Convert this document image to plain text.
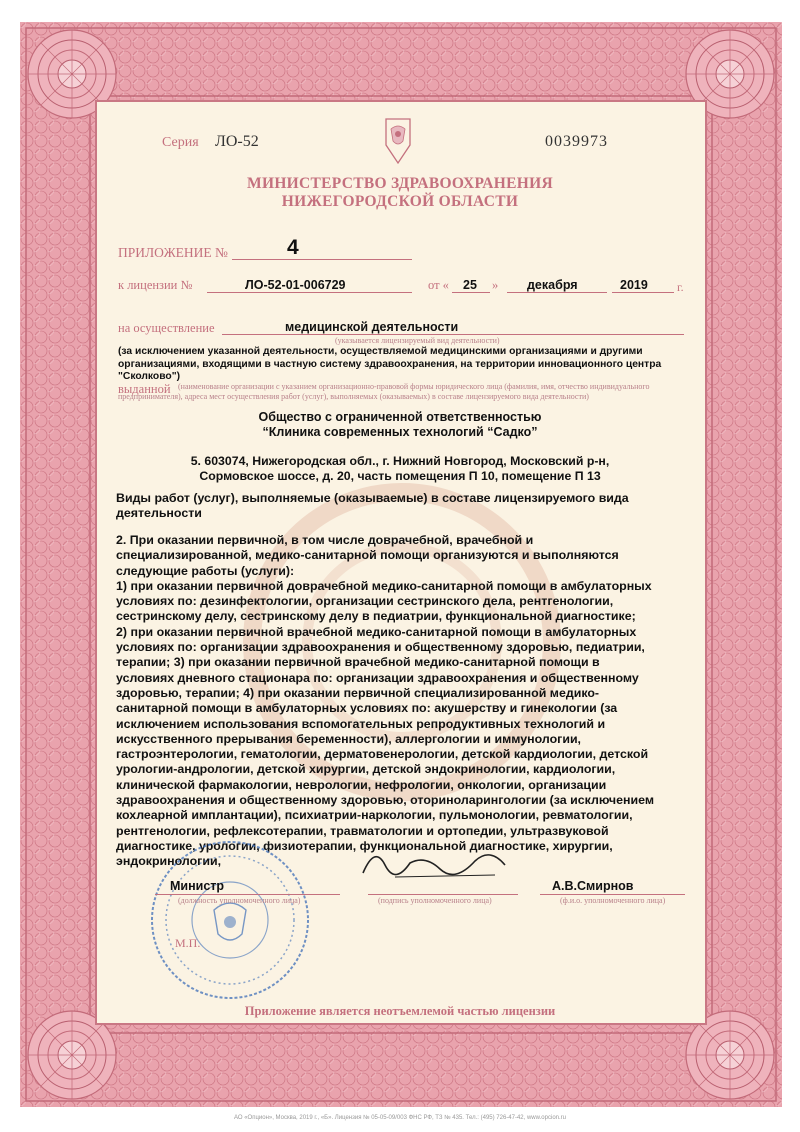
Серия ЛО-52	0039973
МИНИСТЕРСТВО ЗДРАВООХРАНЕНИЯ
НИЖЕГОРОДСКОЙ ОБЛАСТИ
ПРИЛОЖЕНИЕ №	4
к лицензии №	ЛО-52-01-006729	от « 25 » декабря	2019 г.
на осуществление	медицинской деятельности
(указывается лицензируемый вид деятельности)
(за исключением указанной деятельности, осуществляемой медицинскими организациями и другими организациями, входящими в частную систему здравоохранения, на территории инновационного центра "Сколково")
выданной (наименование организации с указанием организационно-правовой формы юридического лица (фамилия, имя, отчество индивидуального предпринимателя), адреса мест осуществления работ (услуг), выполняемых (оказываемых) в составе лицензируемого вида деятельности)
Общество с ограниченной ответственностью
“Клиника современных технологий “Садко”
5. 603074, Нижегородская обл., г. Нижний Новгород, Московский р-н,
Сормовское шоссе, д. 20, часть помещения П 10, помещение П 13
Виды работ (услуг), выполняемые (оказываемые) в составе лицензируемого вида
деятельности
2. При оказании первичной, в том числе доврачебной, врачебной и
специализированной, медико-санитарной помощи организуются и выполняются
следующие работы (услуги):
1) при оказании первичной доврачебной медико-санитарной помощи в амбулаторных
условиях по: дезинфектологии, организации сестринского дела, рентгенологии,
сестринскому делу, сестринскому делу в педиатрии, функциональной диагностике;
2) при оказании первичной врачебной медико-санитарной помощи в амбулаторных
условиях по: организации здравоохранения и общественному здоровью, педиатрии,
терапии; 3) при оказании первичной врачебной медико-санитарной помощи в
условиях дневного стационара по: организации здравоохранения и общественному
здоровью, терапии; 4) при оказании первичной специализированной медико-
санитарной помощи в амбулаторных условиях по: акушерству и гинекологии (за
исключением использования вспомогательных репродуктивных технологий и
искусственного прерывания беременности), аллергологии и иммунологии,
гастроэнтерологии, гематологии, дерматовенерологии, детской кардиологии, детской
урологии-андрологии, детской хирургии, детской эндокринологии, кардиологии,
клинической фармакологии, неврологии, нефрологии, онкологии, организации
здравоохранения и общественному здоровью, оториноларингологии (за исключением
кохлеарной имплантации), психиатрии-наркологии, пульмонологии, ревматологии,
рентгенологии, рефлексотерапии, травматологии и ортопедии, ультразвуковой
диагностике, урологии, физиотерапии, функциональной диагностике, хирургии,
эндокринологии,
Министр
(должность уполномоченного лица)	(подпись уполномоченного лица)
А.В.Смирнов
(ф.и.о. уполномоченного лица)
М.П.
Приложение является неотъемлемой частью лицензии
АО «Опцион», Москва, 2019 г., «Б». Лицензия № 05-05-09/003 ФНС РФ, ТЗ № 435. Тел.: (495) 726-47-42, www.opcion.ru
